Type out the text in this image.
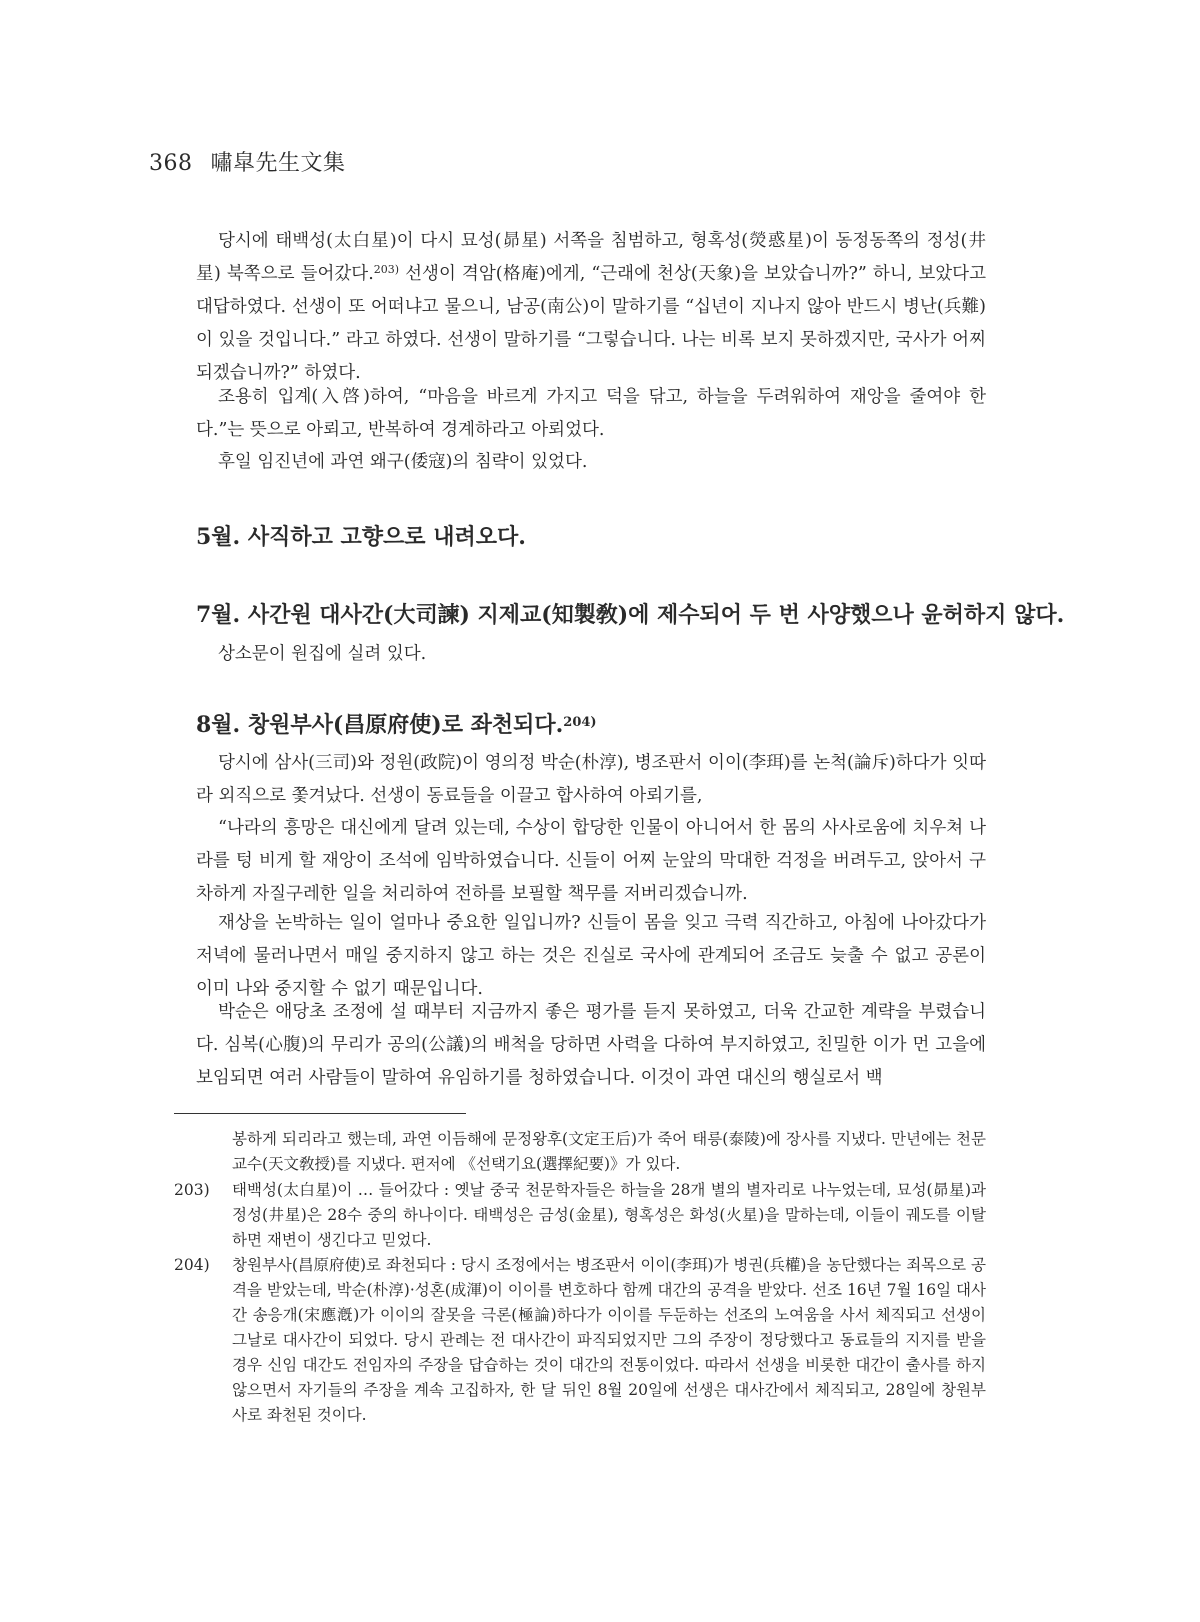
368 嘯皐先生文集

당시에 태백성(太白星)이 다시 묘성(昴星) 서쪽을 침범하고, 형혹성(熒惑星)이 동정동쪽의 정성(井星) 북쪽으로 들어갔다.$^{203)}$ 선생이 격암(格庵)에게, “근래에 천상(天象)을 보았습니까?” 하니, 보았다고 대답하였다. 선생이 또 어떠냐고 물으니, 남공(南公)이 말하기를 “십년이 지나지 않아 반드시 병난(兵難)이 있을 것입니다.” 라고 하였다. 선생이 말하기를 “그렇습니다. 나는 비록 보지 못하겠지만, 국사가 어찌되겠습니까?” 하였다.

조용히 입계(入啓)하여, “마음을 바르게 가지고 덕을 닦고, 하늘을 두려워하여 재앙을 줄여야 한다.”는 뜻으로 아뢰고, 반복하여 경계하라고 아뢰었다.

후일 임진년에 과연 왜구(倭寇)의 침략이 있었다.

5월. 사직하고 고향으로 내려오다.
7월. 사간원 대사간(大司諫) 지제교(知製敎)에 제수되어 두 번 사양했으나 윤허하지 않다.

상소문이 원집에 실려 있다.

8월. 창원부사(昌原府使)로 좌천되다.$^{204)}$

당시에 삼사(三司)와 정원(政院)이 영의정 박순(朴淳), 병조판서 이이(李珥)를 논척(論斥)하다가 잇따라 외직으로 쫓겨났다. 선생이 동료들을 이끌고 합사하여 아뢰기를,

“나라의 흥망은 대신에게 달려 있는데, 수상이 합당한 인물이 아니어서 한 몸의 사사로움에 치우쳐 나라를 텅 비게 할 재앙이 조석에 임박하였습니다. 신들이 어찌 눈앞의 막대한 걱정을 버려두고, 앉아서 구차하게 자질구레한 일을 처리하여 전하를 보필할 책무를 저버리겠습니까.

재상을 논박하는 일이 얼마나 중요한 일입니까? 신들이 몸을 잊고 극력 직간하고, 아침에 나아갔다가 저녁에 물러나면서 매일 중지하지 않고 하는 것은 진실로 국사에 관계되어 조금도 늦출 수 없고 공론이 이미 나와 중지할 수 없기 때문입니다.

박순은 애당초 조정에 설 때부터 지금까지 좋은 평가를 듣지 못하였고, 더욱 간교한 계략을 부렸습니다. 심복(心腹)의 무리가 공의(公議)의 배척을 당하면 사력을 다하여 부지하였고, 친밀한 이가 먼 고을에 보임되면 여러 사람들이 말하여 유임하기를 청하였습니다. 이것이 과연 대신의 행실로서 백

봉하게 되리라고 했는데, 과연 이듬해에 문정왕후(文定王后)가 죽어 태릉(泰陵)에 장사를 지냈다. 만년에는 천문교수(天文敎授)를 지냈다. 편저에 《선택기요(選擇紀要)》가 있다.
203)	태백성(太白星)이 … 들어갔다 : 옛날 중국 천문학자들은 하늘을 28개 별의 별자리로 나누었는데, 묘성(昴星)과 정성(井星)은 28수 중의 하나이다. 태백성은 금성(金星), 형혹성은 화성(火星)을 말하는데, 이들이 궤도를 이탈하면 재변이 생긴다고 믿었다.
204)	창원부사(昌原府使)로 좌천되다 : 당시 조정에서는 병조판서 이이(李珥)가 병권(兵權)을 농단했다는 죄목으로 공격을 받았는데, 박순(朴淳)·성혼(成渾)이 이이를 변호하다 함께 대간의 공격을 받았다. 선조 16년 7월 16일 대사간 송응개(宋應漑)가 이이의 잘못을 극론(極論)하다가 이이를 두둔하는 선조의 노여움을 사서 체직되고 선생이 그날로 대사간이 되었다. 당시 관례는 전 대사간이 파직되었지만 그의 주장이 정당했다고 동료들의 지지를 받을 경우 신임 대간도 전임자의 주장을 답습하는 것이 대간의 전통이었다. 따라서 선생을 비롯한 대간이 출사를 하지 않으면서 자기들의 주장을 계속 고집하자, 한 달 뒤인 8월 20일에 선생은 대사간에서 체직되고, 28일에 창원부사로 좌천된 것이다.
